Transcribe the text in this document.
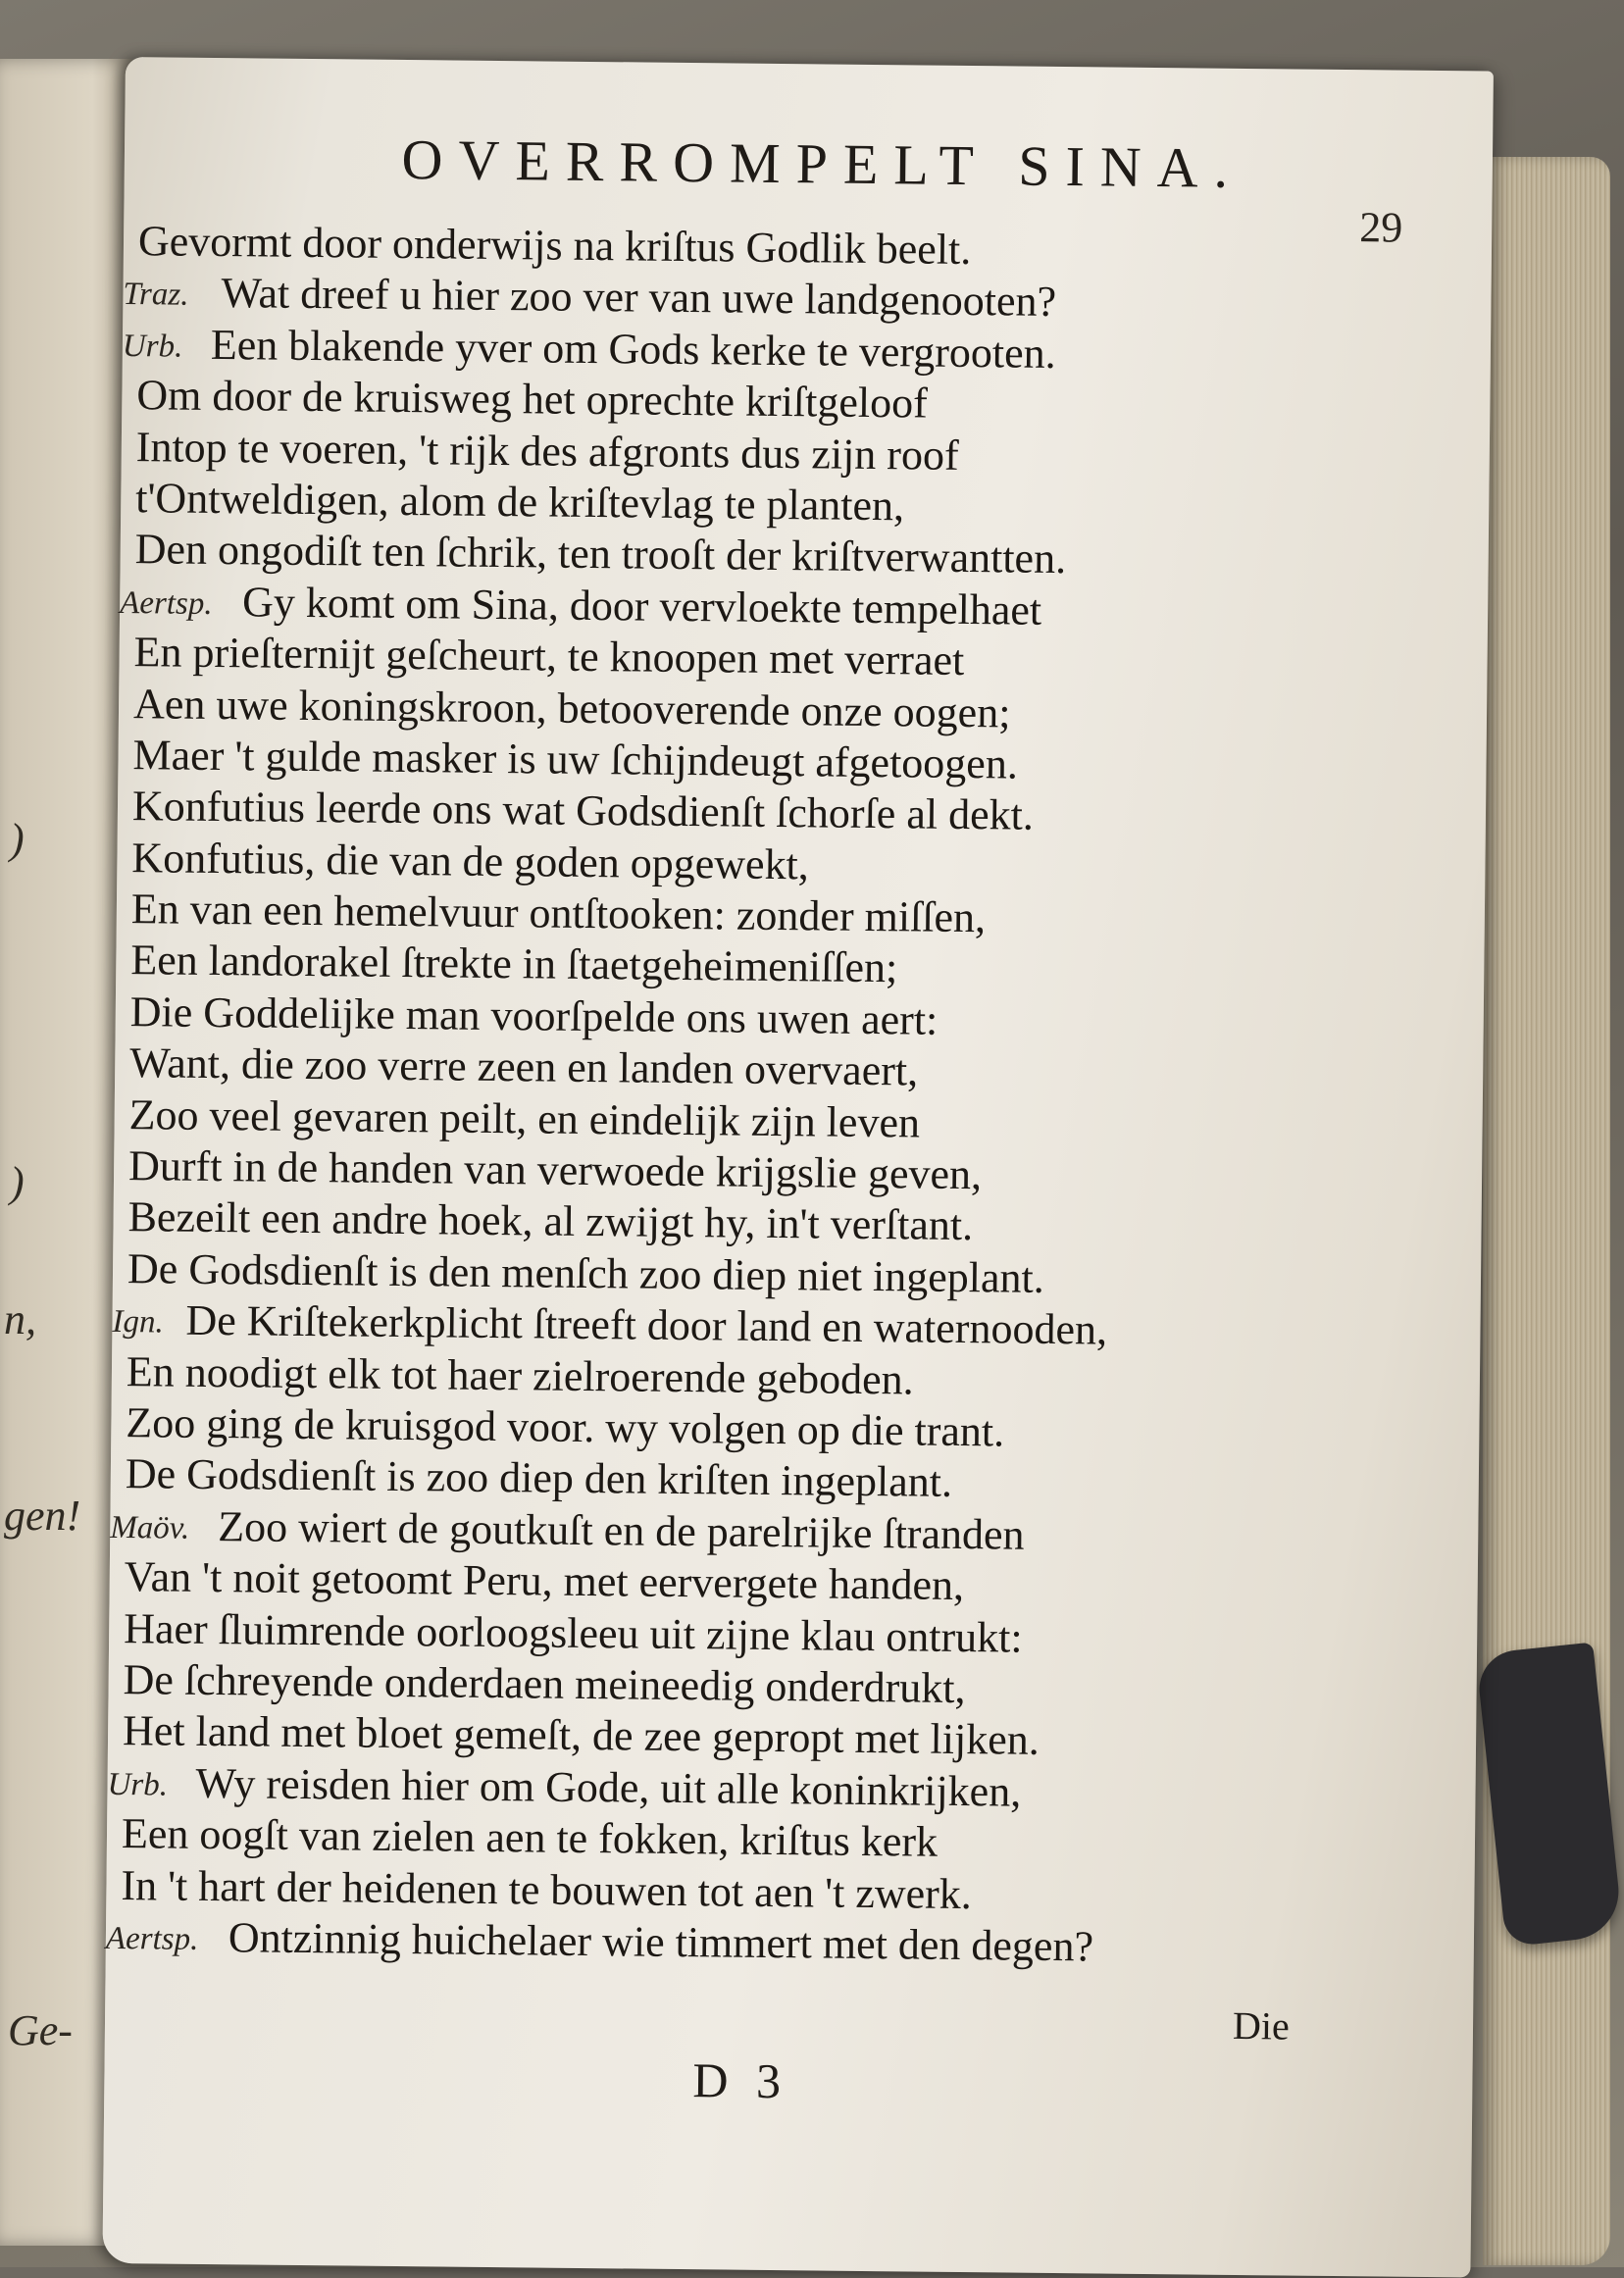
)
)
n,
gen!
Ge-
OVERROMPELT SINA.
29
Gevormt door onderwijs na kriſtus Godlik beelt.
Traz. Wat dreef u hier zoo ver van uwe landgenooten?
Urb. Een blakende yver om Gods kerke te vergrooten.
Om door de kruisweg het oprechte kriſtgeloof
Intop te voeren, 't rijk des afgronts dus zijn roof
t'Ontweldigen, alom de kriſtevlag te planten,
Den ongodiſt ten ſchrik, ten trooſt der kriſtverwantten.
Aertsp. Gy komt om Sina, door vervloekte tempelhaet
En prieſternijt geſcheurt, te knoopen met verraet
Aen uwe koningskroon, betooverende onze oogen;
Maer 't gulde masker is uw ſchijndeugt afgetoogen.
Konfutius leerde ons wat Godsdienſt ſchorſe al dekt.
Konfutius, die van de goden opgewekt,
En van een hemelvuur ontſtooken: zonder miſſen,
Een landorakel ſtrekte in ſtaetgeheimeniſſen;
Die Goddelijke man voorſpelde ons uwen aert:
Want, die zoo verre zeen en landen overvaert,
Zoo veel gevaren peilt, en eindelijk zijn leven
Durft in de handen van verwoede krijgslie geven,
Bezeilt een andre hoek, al zwijgt hy, in't verſtant.
De Godsdienſt is den menſch zoo diep niet ingeplant.
Ign. De Kriſtekerkplicht ſtreeft door land en waternooden,
En noodigt elk tot haer zielroerende geboden.
Zoo ging de kruisgod voor. wy volgen op die trant.
De Godsdienſt is zoo diep den kriſten ingeplant.
Maöv. Zoo wiert de goutkuſt en de parelrijke ſtranden
Van 't noit getoomt Peru, met eervergete handen,
Haer ſluimrende oorloogsleeu uit zijne klau ontrukt:
De ſchreyende onderdaen meineedig onderdrukt,
Het land met bloet gemeſt, de zee gepropt met lijken.
Urb. Wy reisden hier om Gode, uit alle koninkrijken,
Een oogſt van zielen aen te fokken, kriſtus kerk
In 't hart der heidenen te bouwen tot aen 't zwerk.
Aertsp. Ontzinnig huichelaer wie timmert met den degen?
Die
D 3
